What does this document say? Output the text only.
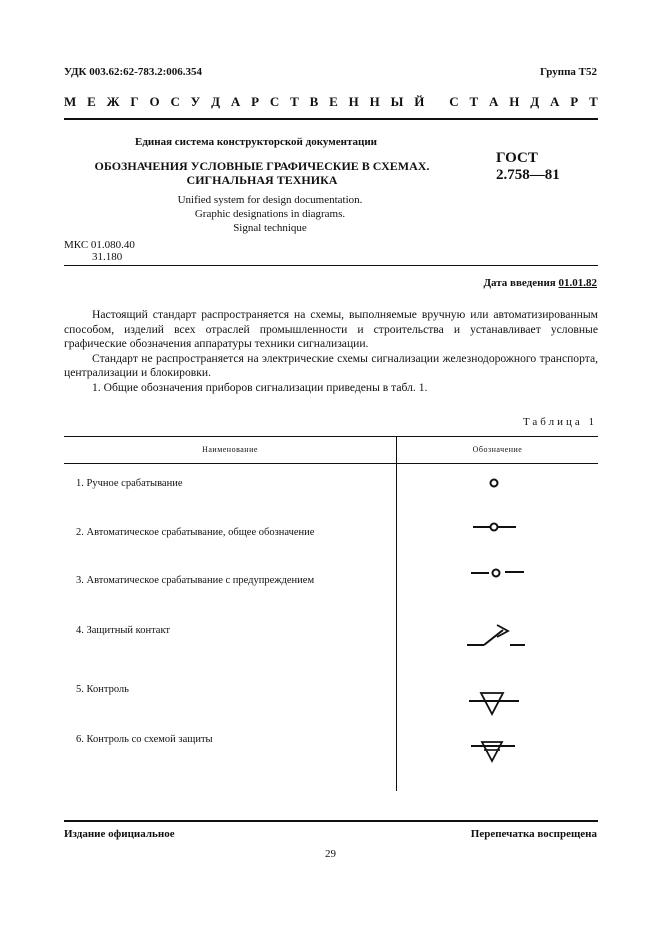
УДК 003.62:62-783.2:006.354	Группа Т52
М Е Ж Г О С У Д А Р С Т В Е Н Н Ы Й
С Т А Н Д А Р Т
Единая система конструкторской документации
ОБОЗНАЧЕНИЯ УСЛОВНЫЕ ГРАФИЧЕСКИЕ В СХЕМАХ.
СИГНАЛЬНАЯ ТЕХНИКА
ГОСТ
2.758—81
Unified system for design documentation.
Graphic designations in diagrams.
Signal technique
МКС 01.080.40
31.180
Дата введения 01.01.82

Настоящий стандарт распространяется на схемы, выполняемые вручную или автоматизированным способом, изделий всех отраслей промышленности и строительства и устанавливает условные графические обозначения аппаратуры техники сигнализации.

Стандарт не распространяется на электрические схемы сигнализации железнодорожного транспорта, централизации и блокировки.

1. Общие обозначения приборов сигнализации приведены в табл. 1.

Таблица 1
Наименование	Обозначение
1. Ручное срабатывание
2. Автоматическое срабатывание, общее обозначение
3. Автоматическое срабатывание с предупреждением
4. Защитный контакт
5. Контроль
6. Контроль со схемой защиты
Издание официальное	Перепечатка воспрещена
29
